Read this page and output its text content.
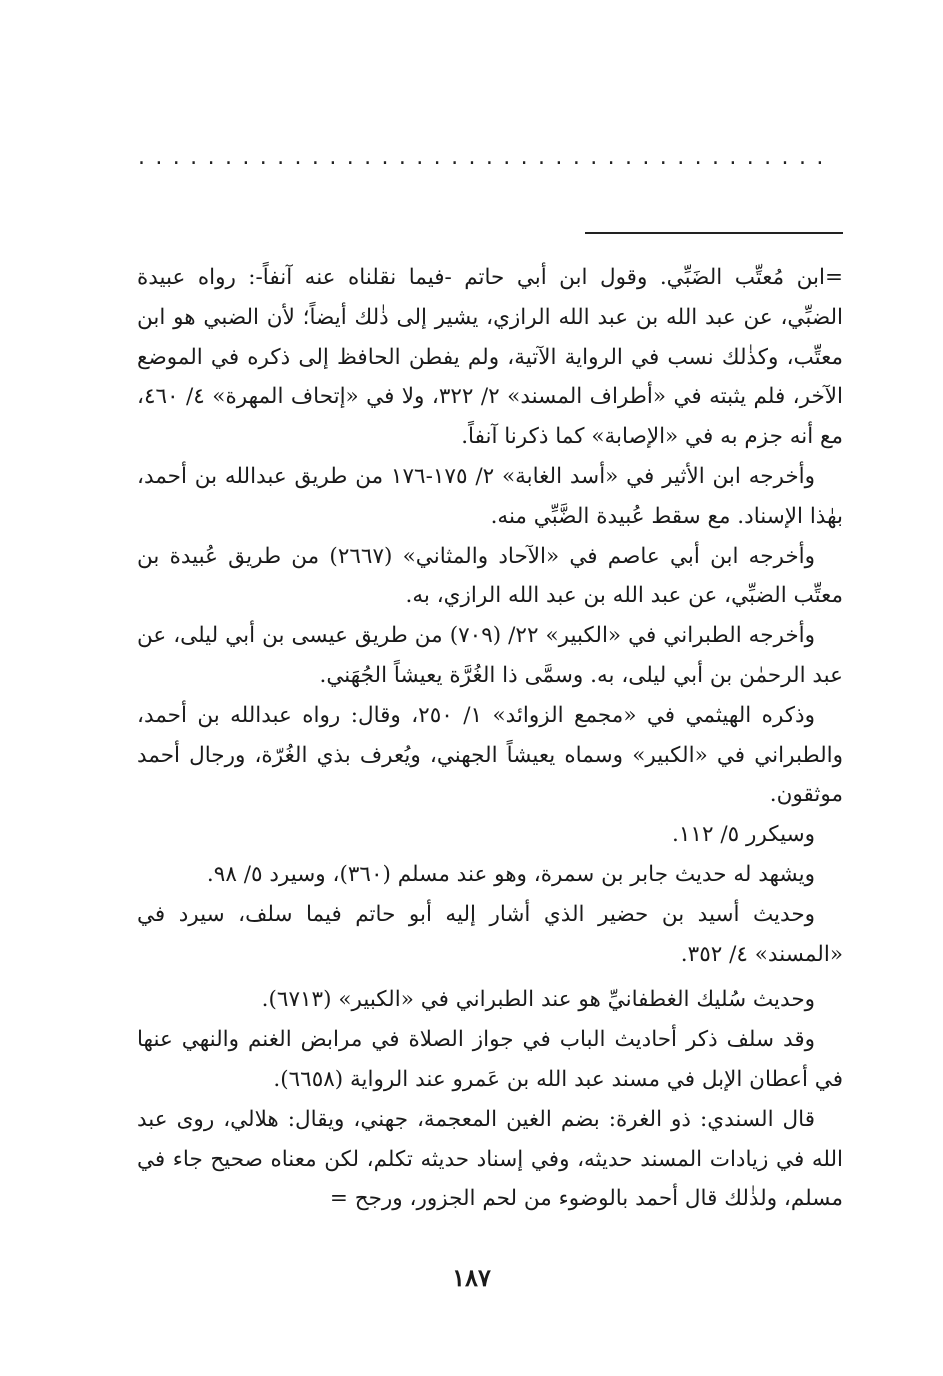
........................................

=ابن مُعتِّب الضَبِّي. وقول ابن أبي حاتم -فيما نقلناه عنه آنفاً-: رواه عبيدة الضبِّي، عن عبد الله بن عبد الله الرازي، يشير إلى ذٰلك أيضاً؛ لأن الضبي هو ابن معتِّب، وكذٰلك نسب في الرواية الآتية، ولم يفطن الحافظ إلى ذكره في الموضع الآخر، فلم يثبته في «أطراف المسند» ٢/ ٣٢٢، ولا في «إتحاف المهرة» ٤/ ٤٦٠، مع أنه جزم به في «الإصابة» كما ذكرنا آنفاً.

وأخرجه ابن الأثير في «أسد الغابة» ٢/ ١٧٥-١٧٦ من طريق عبدالله بن أحمد، بهٰذا الإسناد. مع سقط عُبيدة الضَّبِّي منه.

وأخرجه ابن أبي عاصم في «الآحاد والمثاني» (٢٦٦٧) من طريق عُبيدة بن معتِّب الضبِّي، عن عبد الله بن عبد الله الرازي، به.

وأخرجه الطبراني في «الكبير» ٢٢/ (٧٠٩) من طريق عيسى بن أبي ليلى، عن عبد الرحمٰن بن أبي ليلى، به. وسمَّى ذا الغُرَّة يعيشاً الجُهَني.

وذكره الهيثمي في «مجمع الزوائد» ١/ ٢٥٠، وقال: رواه عبدالله بن أحمد، والطبراني في «الكبير» وسماه يعيشاً الجهني، ويُعرف بذي الغُرّة، ورجال أحمد موثقون.

وسيكرر ٥/ ١١٢.

ويشهد له حديث جابر بن سمرة، وهو عند مسلم (٣٦٠)، وسيرد ٥/ ٩٨.

وحديث أسيد بن حضير الذي أشار إليه أبو حاتم فيما سلف، سيرد في «المسند» ٤/ ٣٥٢.

وحديث سُليك الغطفانيِّ هو عند الطبراني في «الكبير» (٦٧١٣).

وقد سلف ذكر أحاديث الباب في جواز الصلاة في مرابض الغنم والنهي عنها في أعطان الإبل في مسند عبد الله بن عَمرو عند الرواية (٦٦٥٨).

قال السندي: ذو الغرة: بضم الغين المعجمة، جهني، ويقال: هلالي، روى عبد الله في زيادات المسند حديثه، وفي إسناد حديثه تكلم، لكن معناه صحيح جاء في مسلم، ولذٰلك قال أحمد بالوضوء من لحم الجزور، ورجح =

١٨٧
